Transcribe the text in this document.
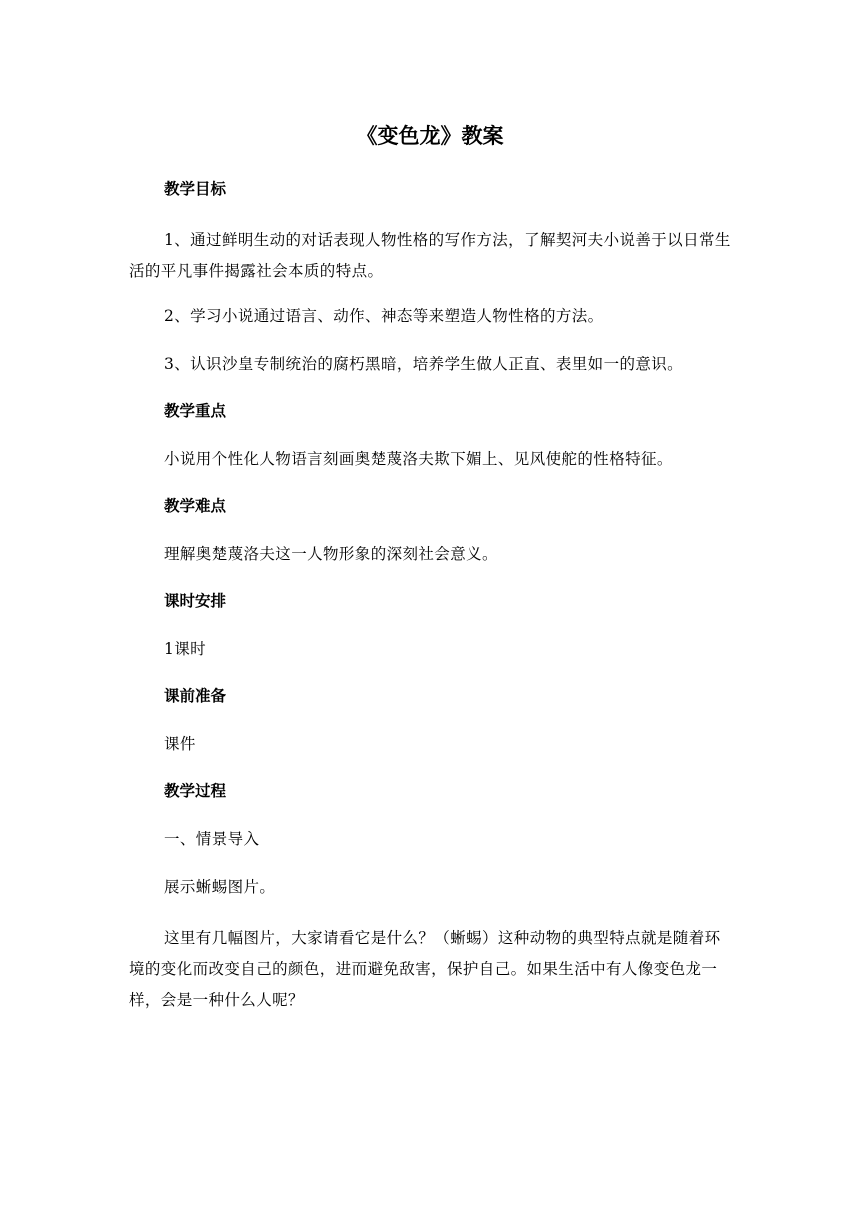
《变色龙》教案
教学目标
1、通过鲜明生动的对话表现人物性格的写作方法，了解契河夫小说善于以日常生活的平凡事件揭露社会本质的特点。
2、学习小说通过语言、动作、神态等来塑造人物性格的方法。
3、认识沙皇专制统治的腐朽黑暗，培养学生做人正直、表里如一的意识。
教学重点
小说用个性化人物语言刻画奥楚蔑洛夫欺下媚上、见风使舵的性格特征。
教学难点
理解奥楚蔑洛夫这一人物形象的深刻社会意义。
课时安排
1课时
课前准备
课件
教学过程
一、情景导入
展示蜥蜴图片。
这里有几幅图片，大家请看它是什么？（蜥蜴）这种动物的典型特点就是随着环境的变化而改变自己的颜色，进而避免敌害，保护自己。如果生活中有人像变色龙一样，会是一种什么人呢？
